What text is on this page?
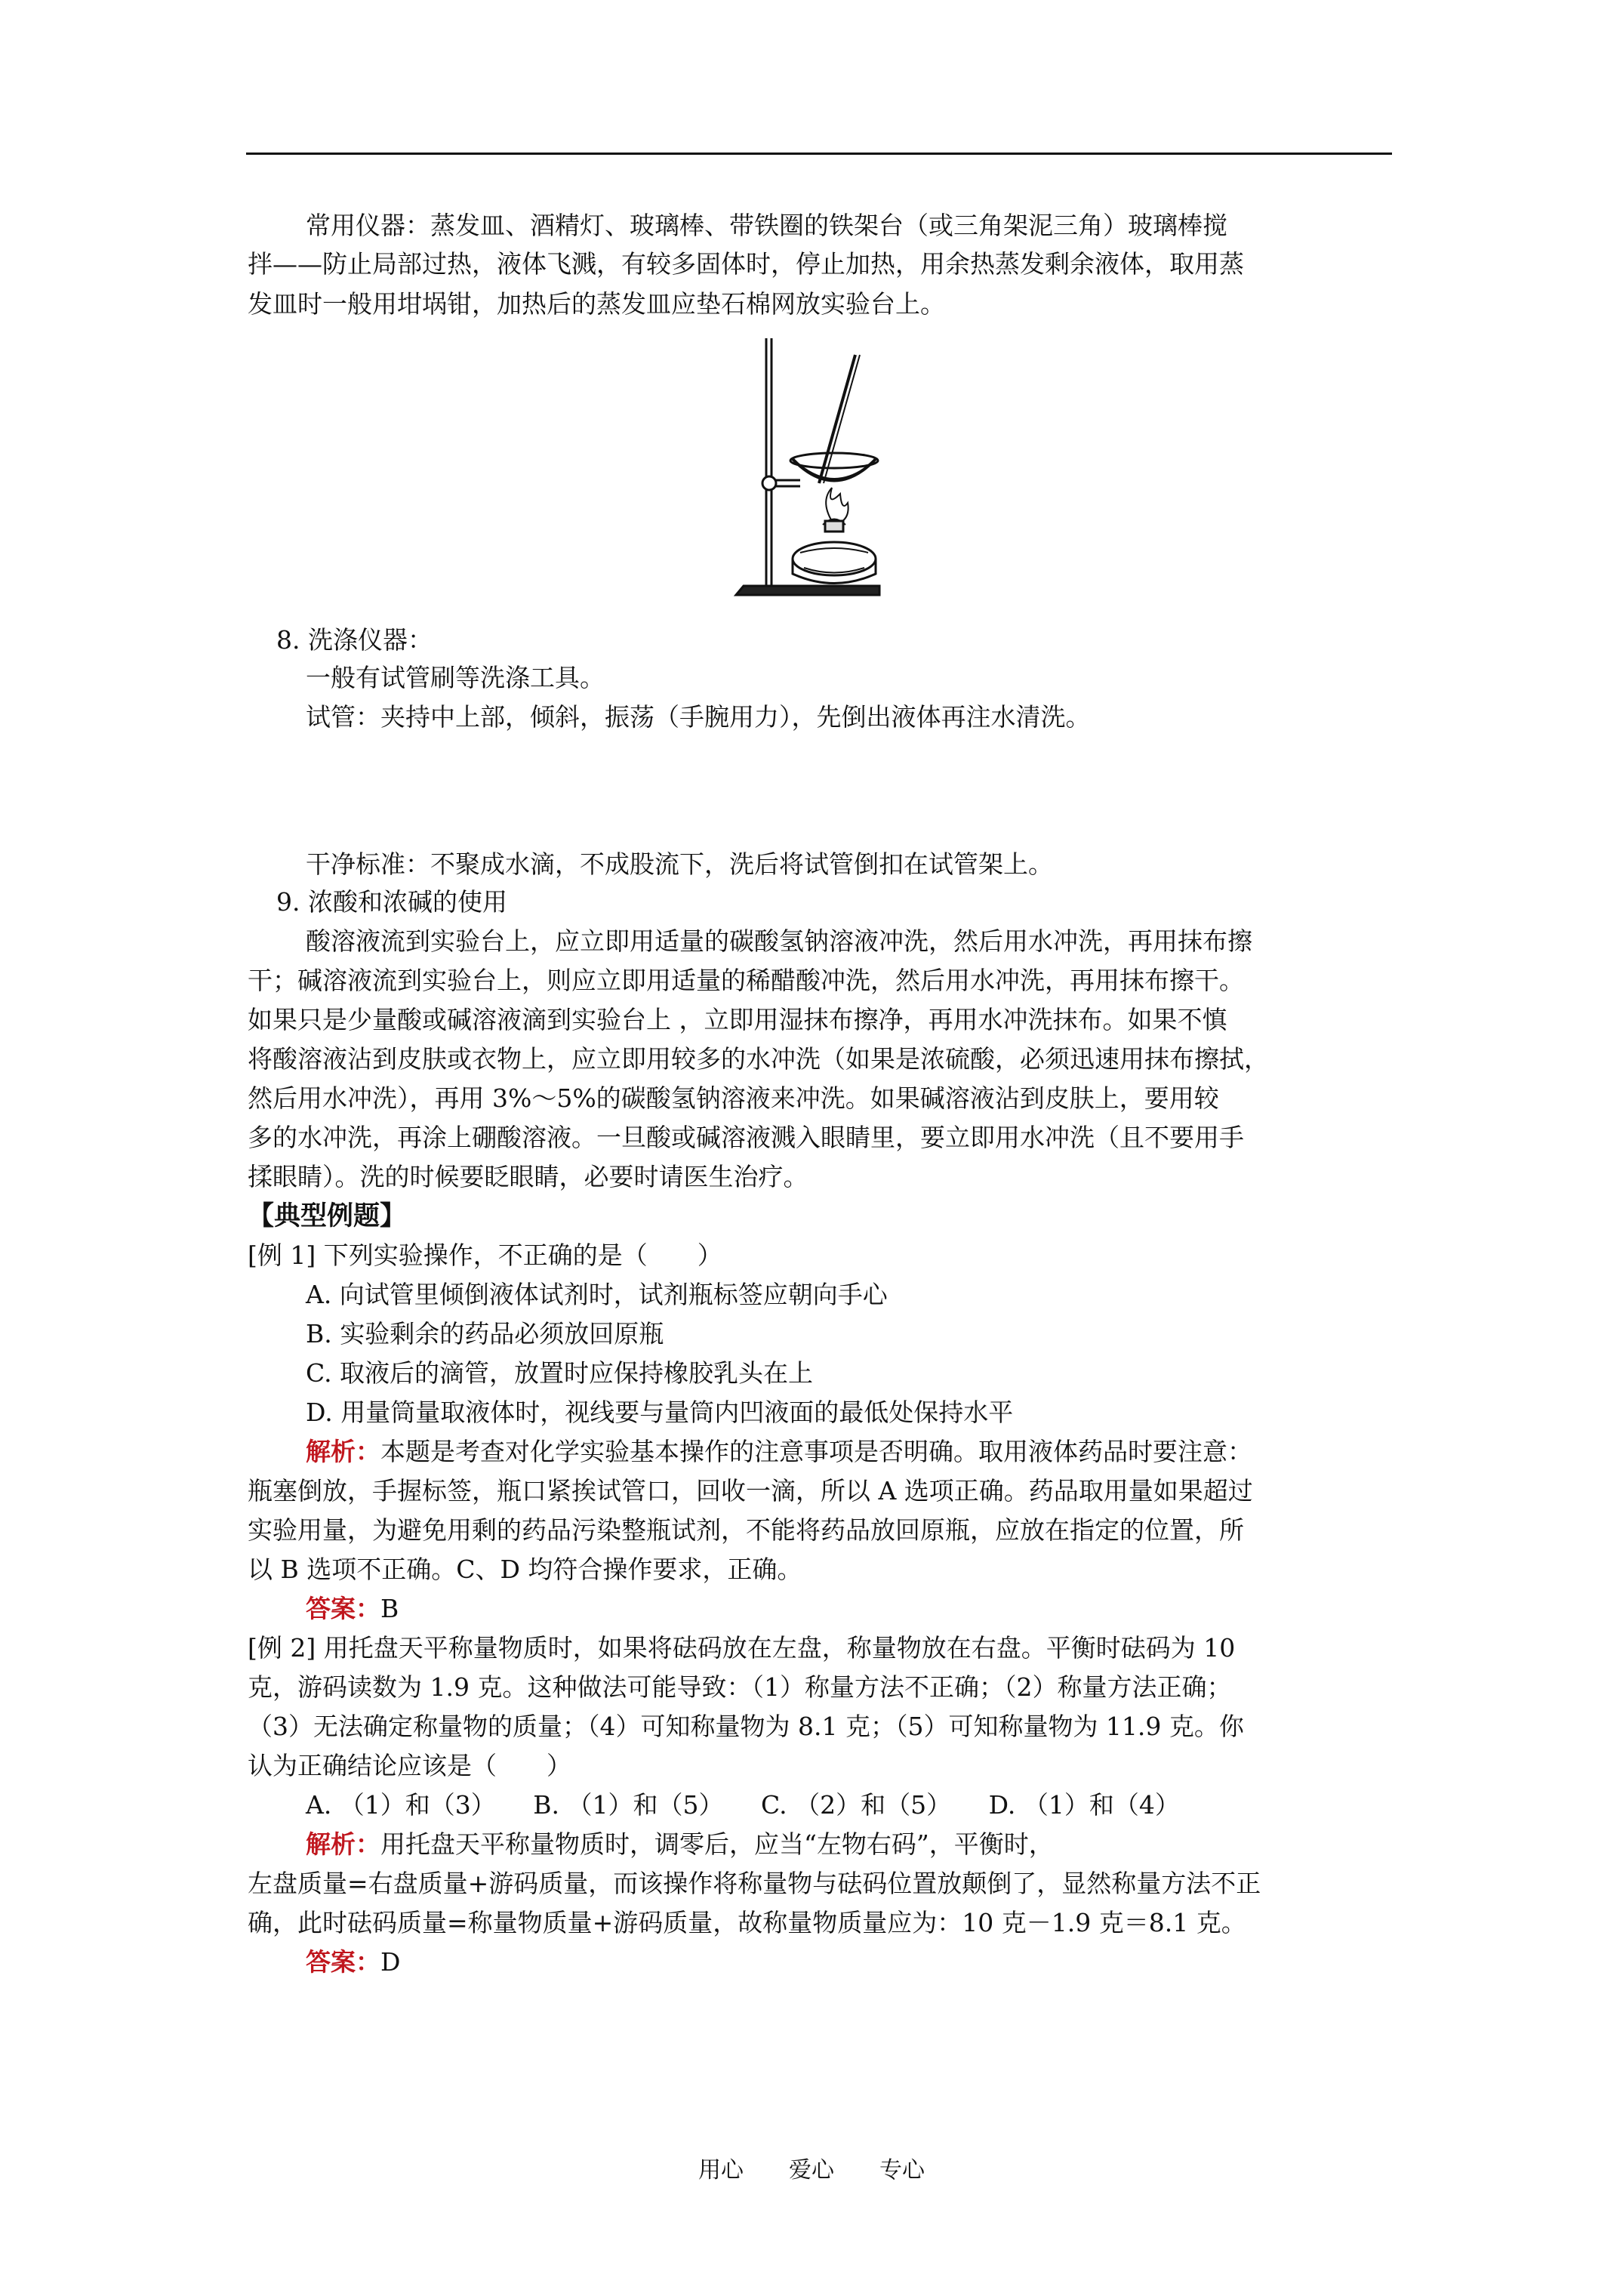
常用仪器：蒸发皿、酒精灯、玻璃棒、带铁圈的铁架台（或三角架泥三角）玻璃棒搅
拌——防止局部过热，液体飞溅，有较多固体时，停止加热，用余热蒸发剩余液体，取用蒸
发皿时一般用坩埚钳，加热后的蒸发皿应垫石棉网放实验台上。
8. 洗涤仪器：
一般有试管刷等洗涤工具。
试管：夹持中上部，倾斜，振荡（手腕用力），先倒出液体再注水清洗。
干净标准：不聚成水滴，不成股流下，洗后将试管倒扣在试管架上。
9. 浓酸和浓碱的使用
酸溶液流到实验台上，应立即用适量的碳酸氢钠溶液冲洗，然后用水冲洗，再用抹布擦
干；碱溶液流到实验台上，则应立即用适量的稀醋酸冲洗，然后用水冲洗，再用抹布擦干。
如果只是少量酸或碱溶液滴到实验台上 ，立即用湿抹布擦净，再用水冲洗抹布。如果不慎
将酸溶液沾到皮肤或衣物上，应立即用较多的水冲洗（如果是浓硫酸，必须迅速用抹布擦拭，
然后用水冲洗），再用 3%～5%的碳酸氢钠溶液来冲洗。如果碱溶液沾到皮肤上，要用较
多的水冲洗，再涂上硼酸溶液。一旦酸或碱溶液溅入眼睛里，要立即用水冲洗（且不要用手
揉眼睛）。洗的时候要眨眼睛，必要时请医生治疗。
【典型例题】
[例 1] 下列实验操作，不正确的是（　　）
A. 向试管里倾倒液体试剂时，试剂瓶标签应朝向手心
B. 实验剩余的药品必须放回原瓶
C. 取液后的滴管，放置时应保持橡胶乳头在上
D. 用量筒量取液体时，视线要与量筒内凹液面的最低处保持水平
解析：本题是考查对化学实验基本操作的注意事项是否明确。取用液体药品时要注意：
瓶塞倒放，手握标签，瓶口紧挨试管口，回收一滴，所以 A 选项正确。药品取用量如果超过
实验用量，为避免用剩的药品污染整瓶试剂，不能将药品放回原瓶，应放在指定的位置，所
以 B 选项不正确。C、D 均符合操作要求，正确。
答案：B
[例 2] 用托盘天平称量物质时，如果将砝码放在左盘，称量物放在右盘。平衡时砝码为 10
克，游码读数为 1.9 克。这种做法可能导致：（1）称量方法不正确；（2）称量方法正确；
（3）无法确定称量物的质量；（4）可知称量物为 8.1 克；（5）可知称量物为 11.9 克。你
认为正确结论应该是（　　）
A. （1）和（3）　　B. （1）和（5）　　C. （2）和（5）　　D. （1）和（4）
解析：用托盘天平称量物质时，调零后，应当“左物右码”，平衡时，
左盘质量=右盘质量+游码质量，而该操作将称量物与砝码位置放颠倒了，显然称量方法不正
确，此时砝码质量=称量物质量+游码质量，故称量物质量应为：10 克－1.9 克＝8.1 克。
答案：D
用心　　爱心　　专心
